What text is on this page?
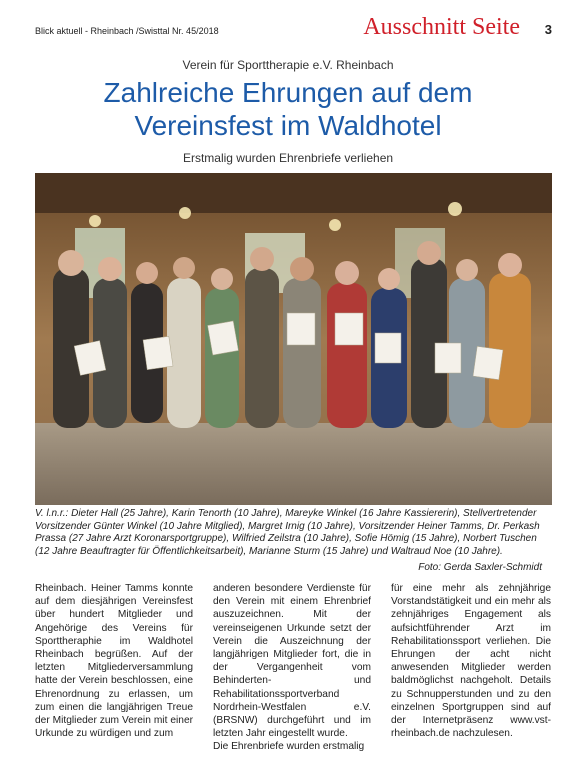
Blick aktuell - Rheinbach /Swisttal Nr. 45/2018	Ausschnitt Seite 3
Verein für Sporttherapie e.V. Rheinbach
Zahlreiche Ehrungen auf dem
Vereinsfest im Waldhotel
Erstmalig wurden Ehrenbriefe verliehen
V. l.n.r.: Dieter Hall (25 Jahre), Karin Tenorth (10 Jahre), Mareyke Winkel (16 Jahre Kassiererin), Stellvertretender Vorsitzender Günter Winkel (10 Jahre Mitglied), Margret Irnig (10 Jahre), Vorsitzender Heiner Tamms, Dr. Perkash Prassa (27 Jahre Arzt Koronarsportgruppe), Wilfried Zeilstra (10 Jahre), Sofie Hömig (15 Jahre), Norbert Tuschen (12 Jahre Beauftragter für Öffentlichkeitsarbeit), Marianne Sturm (15 Jahre) und Waltraud Noe (10 Jahre).
Foto: Gerda Saxler-Schmidt
Rheinbach. Heiner Tamms konnte auf dem diesjährigen Vereinsfest über hundert Mitglieder und Angehörige des Vereins für Sporttheraphie im Waldhotel Rheinbach begrüßen. Auf der letzten Mitgliederversammlung hatte der Verein beschlossen, eine Ehrenordnung zu erlassen, um zum einen die langjährigen Treue der Mitglieder zum Verein mit einer Urkunde zu würdigen und zum
anderen besondere Verdienste für den Verein mit einem Ehrenbrief auszuzeichnen. Mit der vereinseigenen Urkunde setzt der Verein die Auszeichnung der langjährigen Mitglieder fort, die in der Vergangenheit vom Behinderten- und Rehabilitationssportverband Nordrhein-Westfalen e.V. (BRSNW) durchgeführt und im letzten Jahr eingestellt wurde.
Die Ehrenbriefe wurden erstmalig
für eine mehr als zehnjährige Vorstandstätigkeit und ein mehr als zehnjähriges Engagement als aufsichtführender Arzt im Rehabilitationssport verliehen. Die Ehrungen der acht nicht anwesenden Mitglieder werden baldmöglichst nachgeholt. Details zu Schnupperstunden und zu den einzelnen Sportgruppen sind auf der Internetpräsenz www.vst-rheinbach.de nachzulesen.
